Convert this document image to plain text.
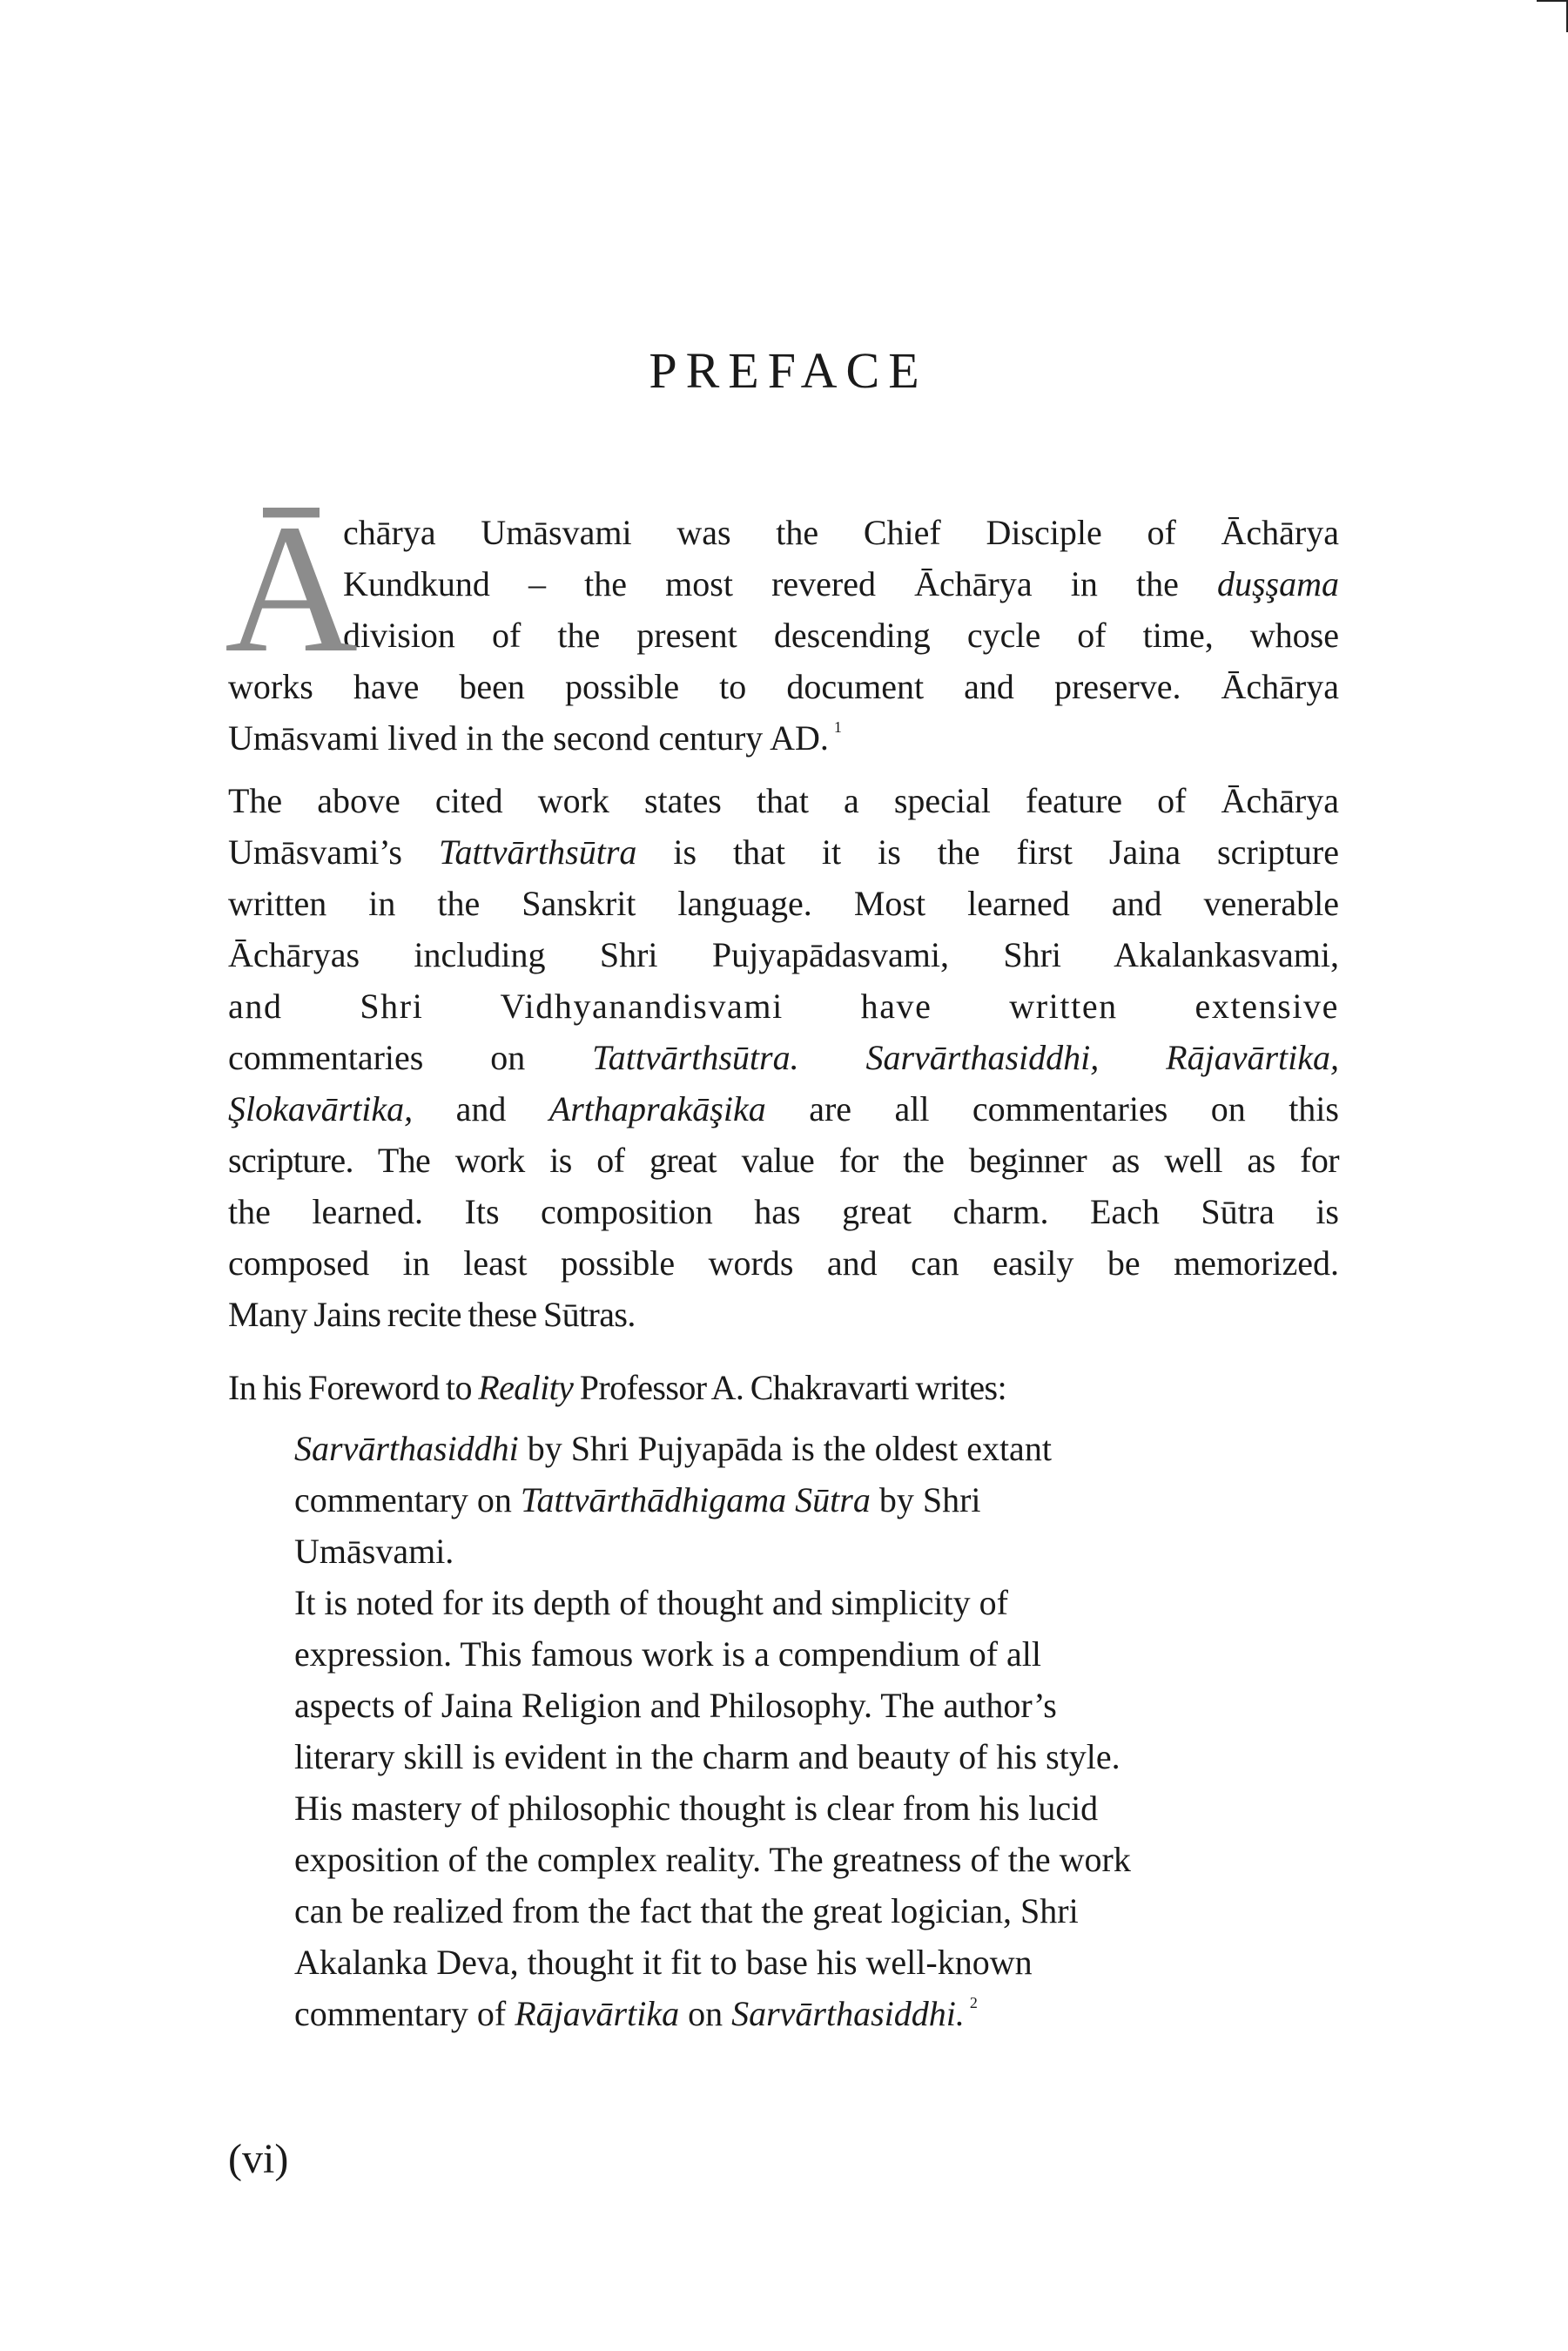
PREFACE
Ā
chārya Umāsvami was the Chief Disciple of Āchārya
Kundkund – the most revered Āchārya in the duşşama
division of the present descending cycle of time, whose
works have been possible to document and preserve. Āchārya
Umāsvami lived in the second century AD. $^1$
The above cited work states that a special feature of Āchārya
Umāsvami’s Tattvārthsūtra is that it is the first Jaina scripture
written in the Sanskrit language. Most learned and venerable
Āchāryas including Shri Pujyapādasvami, Shri Akalankasvami,
and Shri Vidhyanandisvami have written extensive
commentaries on Tattvārthsūtra. Sarvārthasiddhi, Rājavārtika,
Şlokavārtika, and Arthaprakāşika are all commentaries on this
scripture. The work is of great value for the beginner as well as for
the learned. Its composition has great charm. Each Sūtra is
composed in least possible words and can easily be memorized.
Many Jains recite these Sūtras.
In his Foreword to Reality Professor A. Chakravarti writes:
Sarvārthasiddhi by Shri Pujyapāda is the oldest extant
commentary on Tattvārthādhigama Sūtra by Shri
Umāsvami.
It is noted for its depth of thought and simplicity of
expression. This famous work is a compendium of all
aspects of Jaina Religion and Philosophy. The author’s
literary skill is evident in the charm and beauty of his style.
His mastery of philosophic thought is clear from his lucid
exposition of the complex reality. The greatness of the work
can be realized from the fact that the great logician, Shri
Akalanka Deva, thought it fit to base his well-known
commentary of Rājavārtika on Sarvārthasiddhi. $^2$
(vi)
